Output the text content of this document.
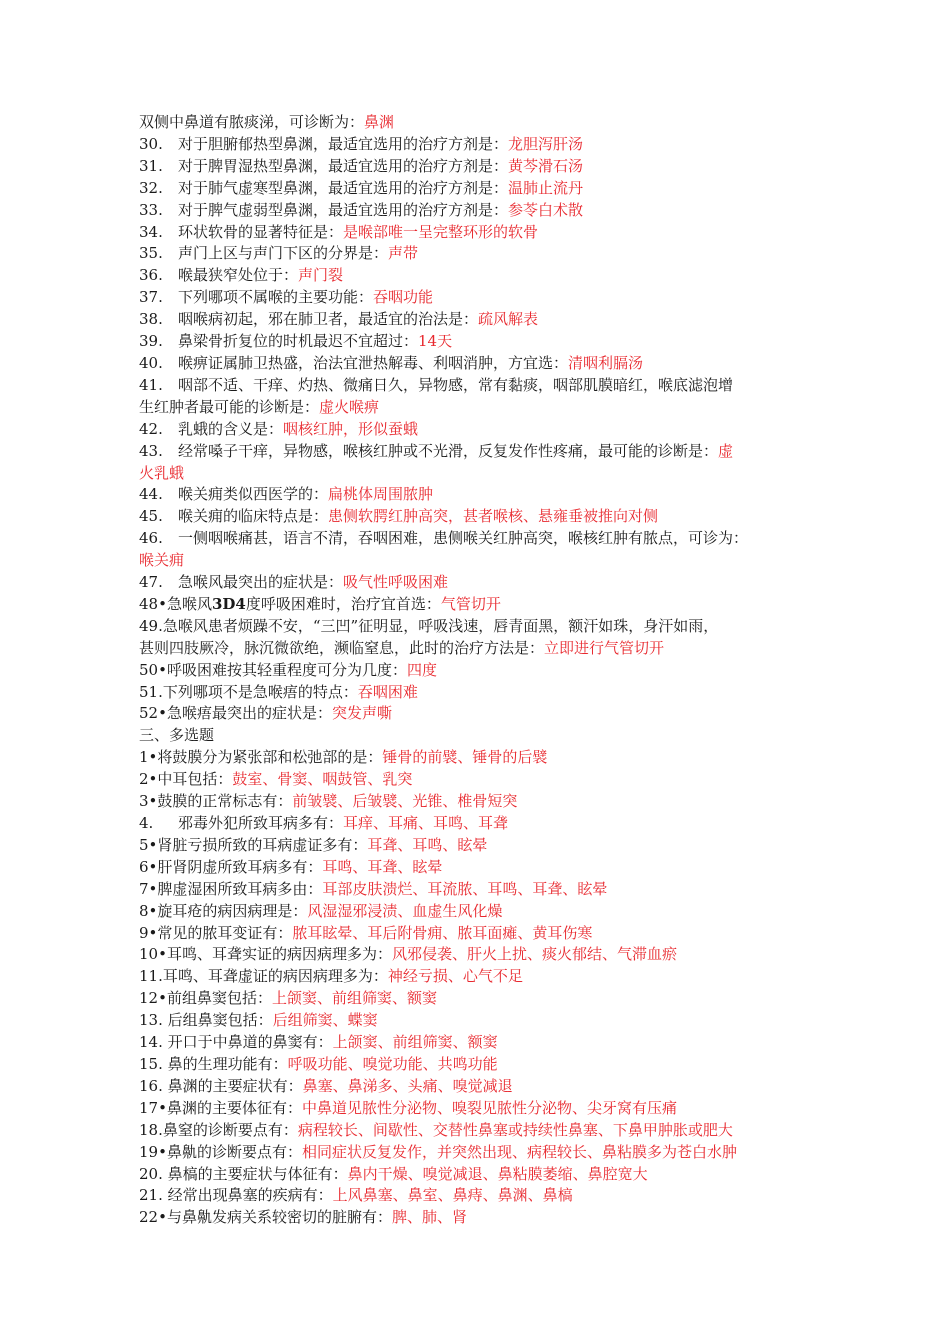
双侧中鼻道有脓痰涕，可诊断为：鼻渊
30. 对于胆腑郁热型鼻渊，最适宜选用的治疗方剂是：龙胆泻肝汤
31. 对于脾胃湿热型鼻渊，最适宜选用的治疗方剂是：黄芩滑石汤
32. 对于肺气虚寒型鼻渊，最适宜选用的治疗方剂是：温肺止流丹
33. 对于脾气虚弱型鼻渊，最适宜选用的治疗方剂是：参苓白术散
34. 环状软骨的显著特征是：是喉部唯一呈完整环形的软骨
35. 声门上区与声门下区的分界是：声带
36. 喉最狭窄处位于：声门裂
37. 下列哪项不属喉的主要功能：吞咽功能
38. 咽喉病初起，邪在肺卫者，最适宜的治法是：疏风解表
39. 鼻梁骨折复位的时机最迟不宜超过：14天
40. 喉痹证属肺卫热盛，治法宜泄热解毒、利咽消肿，方宜选：清咽利膈汤
41. 咽部不适、干痒、灼热、微痛日久，异物感，常有黏痰，咽部肌膜暗红，喉底滤泡增
生红肿者最可能的诊断是：虚火喉痹
42. 乳蛾的含义是：咽核红肿，形似蚕蛾
43. 经常嗓子干痒，异物感，喉核红肿或不光滑，反复发作性疼痛，最可能的诊断是：虚
火乳蛾
44. 喉关痈类似西医学的：扁桃体周围脓肿
45. 喉关痈的临床特点是：患侧软腭红肿高突，甚者喉核、悬雍垂被推向对侧
46. 一侧咽喉痛甚，语言不清，吞咽困难，患侧喉关红肿高突，喉核红肿有脓点，可诊为：
喉关痈
47. 急喉风最突出的症状是：吸气性呼吸困难
48•急喉风3D4度呼吸困难时，治疗宜首选：气管切开
49.急喉风患者烦躁不安，“三凹”征明显，呼吸浅速，唇青面黑，额汗如珠，身汗如雨，
甚则四肢厥冷，脉沉微欲绝，濒临窒息，此时的治疗方法是：立即进行气管切开
50•呼吸困难按其轻重程度可分为几度：四度
51.下列哪项不是急喉痦的特点：吞咽困难
52•急喉痦最突出的症状是：突发声嘶
三、多选题
1•将鼓膜分为紧张部和松弛部的是：锤骨的前襞、锤骨的后襞
2•中耳包括：鼓室、骨窦、咽鼓管、乳突
3•鼓膜的正常标志有：前皱襞、后皱襞、光锥、椎骨短突
4. 邪毒外犯所致耳病多有：耳痒、耳痛、耳鸣、耳聋
5•肾脏亏损所致的耳病虚证多有：耳聋、耳鸣、眩晕
6•肝肾阴虚所致耳病多有：耳鸣、耳聋、眩晕
7•脾虚湿困所致耳病多由：耳部皮肤溃烂、耳流脓、耳鸣、耳聋、眩晕
8•旋耳疮的病因病理是：风湿湿邪浸渍、血虚生风化燥
9•常见的脓耳变证有：脓耳眩晕、耳后附骨痈、脓耳面瘫、黄耳伤寒
10•耳鸣、耳聋实证的病因病理多为：风邪侵袭、肝火上扰、痰火郁结、气滞血瘀
11.耳鸣、耳聋虚证的病因病理多为：神经亏损、心气不足
12•前组鼻窦包括：上颌窦、前组筛窦、额窦
13. 后组鼻窦包括：后组筛窦、蝶窦
14. 开口于中鼻道的鼻窦有：上颌窦、前组筛窦、额窦
15. 鼻的生理功能有：呼吸功能、嗅觉功能、共鸣功能
16. 鼻渊的主要症状有：鼻塞、鼻涕多、头痛、嗅觉减退
17•鼻渊的主要体征有：中鼻道见脓性分泌物、嗅裂见脓性分泌物、尖牙窝有压痛
18.鼻窒的诊断要点有：病程较长、间歇性、交替性鼻塞或持续性鼻塞、下鼻甲肿胀或肥大
19•鼻鼽的诊断要点有：相同症状反复发作，并突然出现、病程较长、鼻粘膜多为苍白水肿
20. 鼻槁的主要症状与体征有：鼻内干燥、嗅觉减退、鼻粘膜萎缩、鼻腔宽大
21. 经常出现鼻塞的疾病有：上风鼻塞、鼻室、鼻痔、鼻渊、鼻槁
22•与鼻鼽发病关系较密切的脏腑有：脾、肺、肾
